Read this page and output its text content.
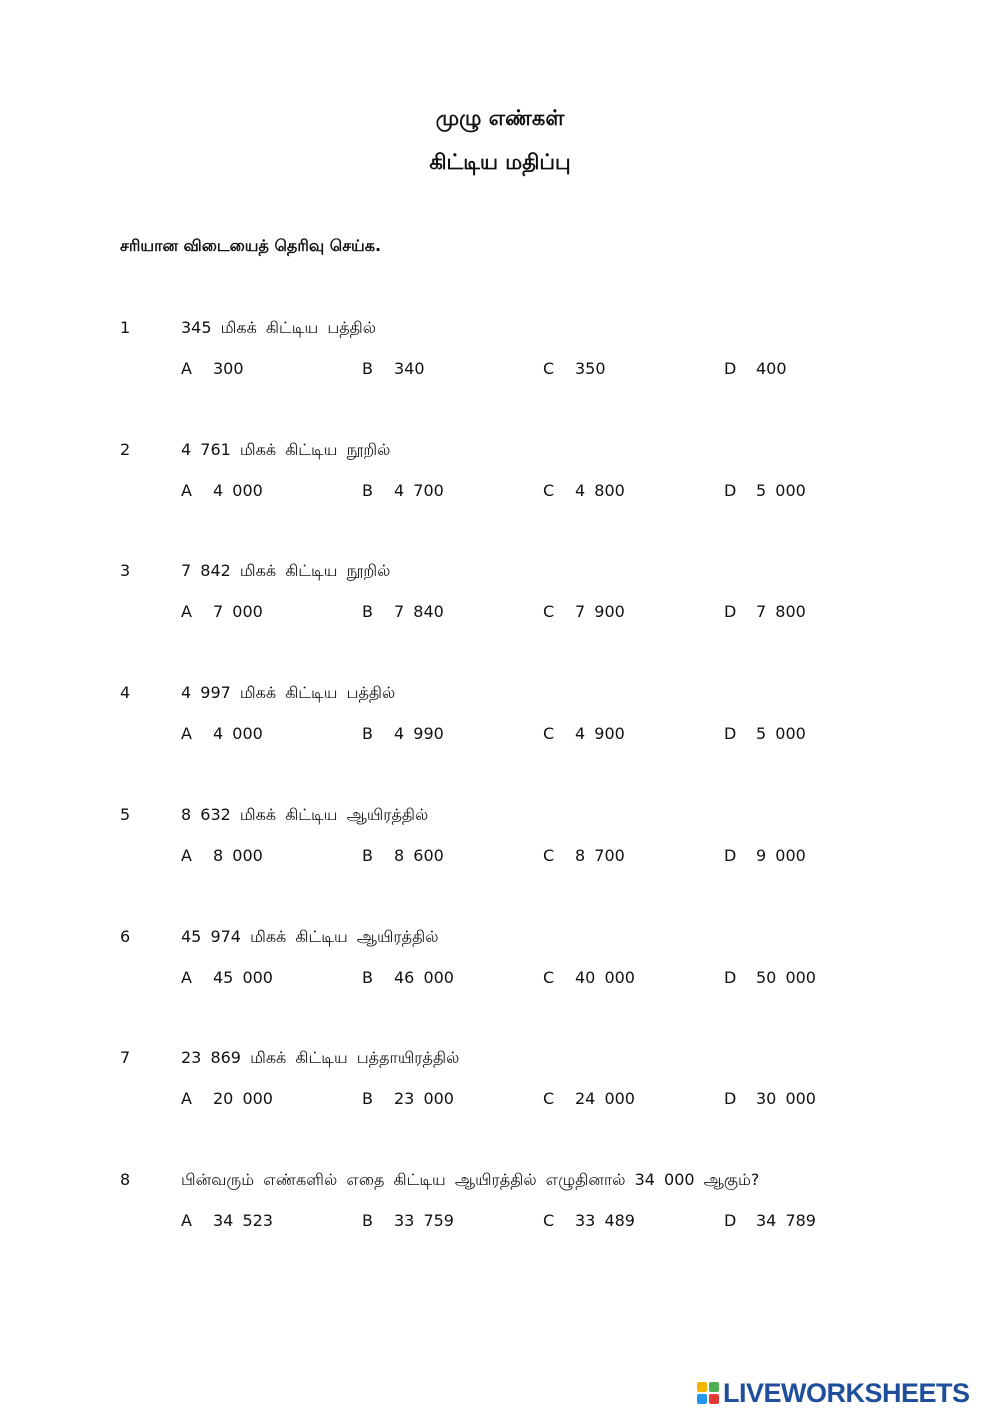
முழு எண்கள்
கிட்டிய மதிப்பு
சரியான விடையைத் தெரிவு செய்க.
1	345 மிகக் கிட்டிய பத்தில்
A 300	B 340	C 350	D 400
2	4 761 மிகக் கிட்டிய நூறில்
A 4 000	B 4 700	C 4 800	D 5 000
3	7 842 மிகக் கிட்டிய நூறில்
A 7 000	B 7 840	C 7 900	D 7 800
4	4 997 மிகக் கிட்டிய பத்தில்
A 4 000	B 4 990	C 4 900	D 5 000
5	8 632 மிகக் கிட்டிய ஆயிரத்தில்
A 8 000	B 8 600	C 8 700	D 9 000
6	45 974 மிகக் கிட்டிய ஆயிரத்தில்
A 45 000	B 46 000	C 40 000	D 50 000
7	23 869 மிகக் கிட்டிய பத்தாயிரத்தில்
A 20 000	B 23 000	C 24 000	D 30 000
8	பின்வரும் எண்களில் எதை கிட்டிய ஆயிரத்தில் எழுதினால் 34 000 ஆகும்?
A 34 523	B 33 759	C 33 489	D 34 789
LIVEWORKSHEETS
